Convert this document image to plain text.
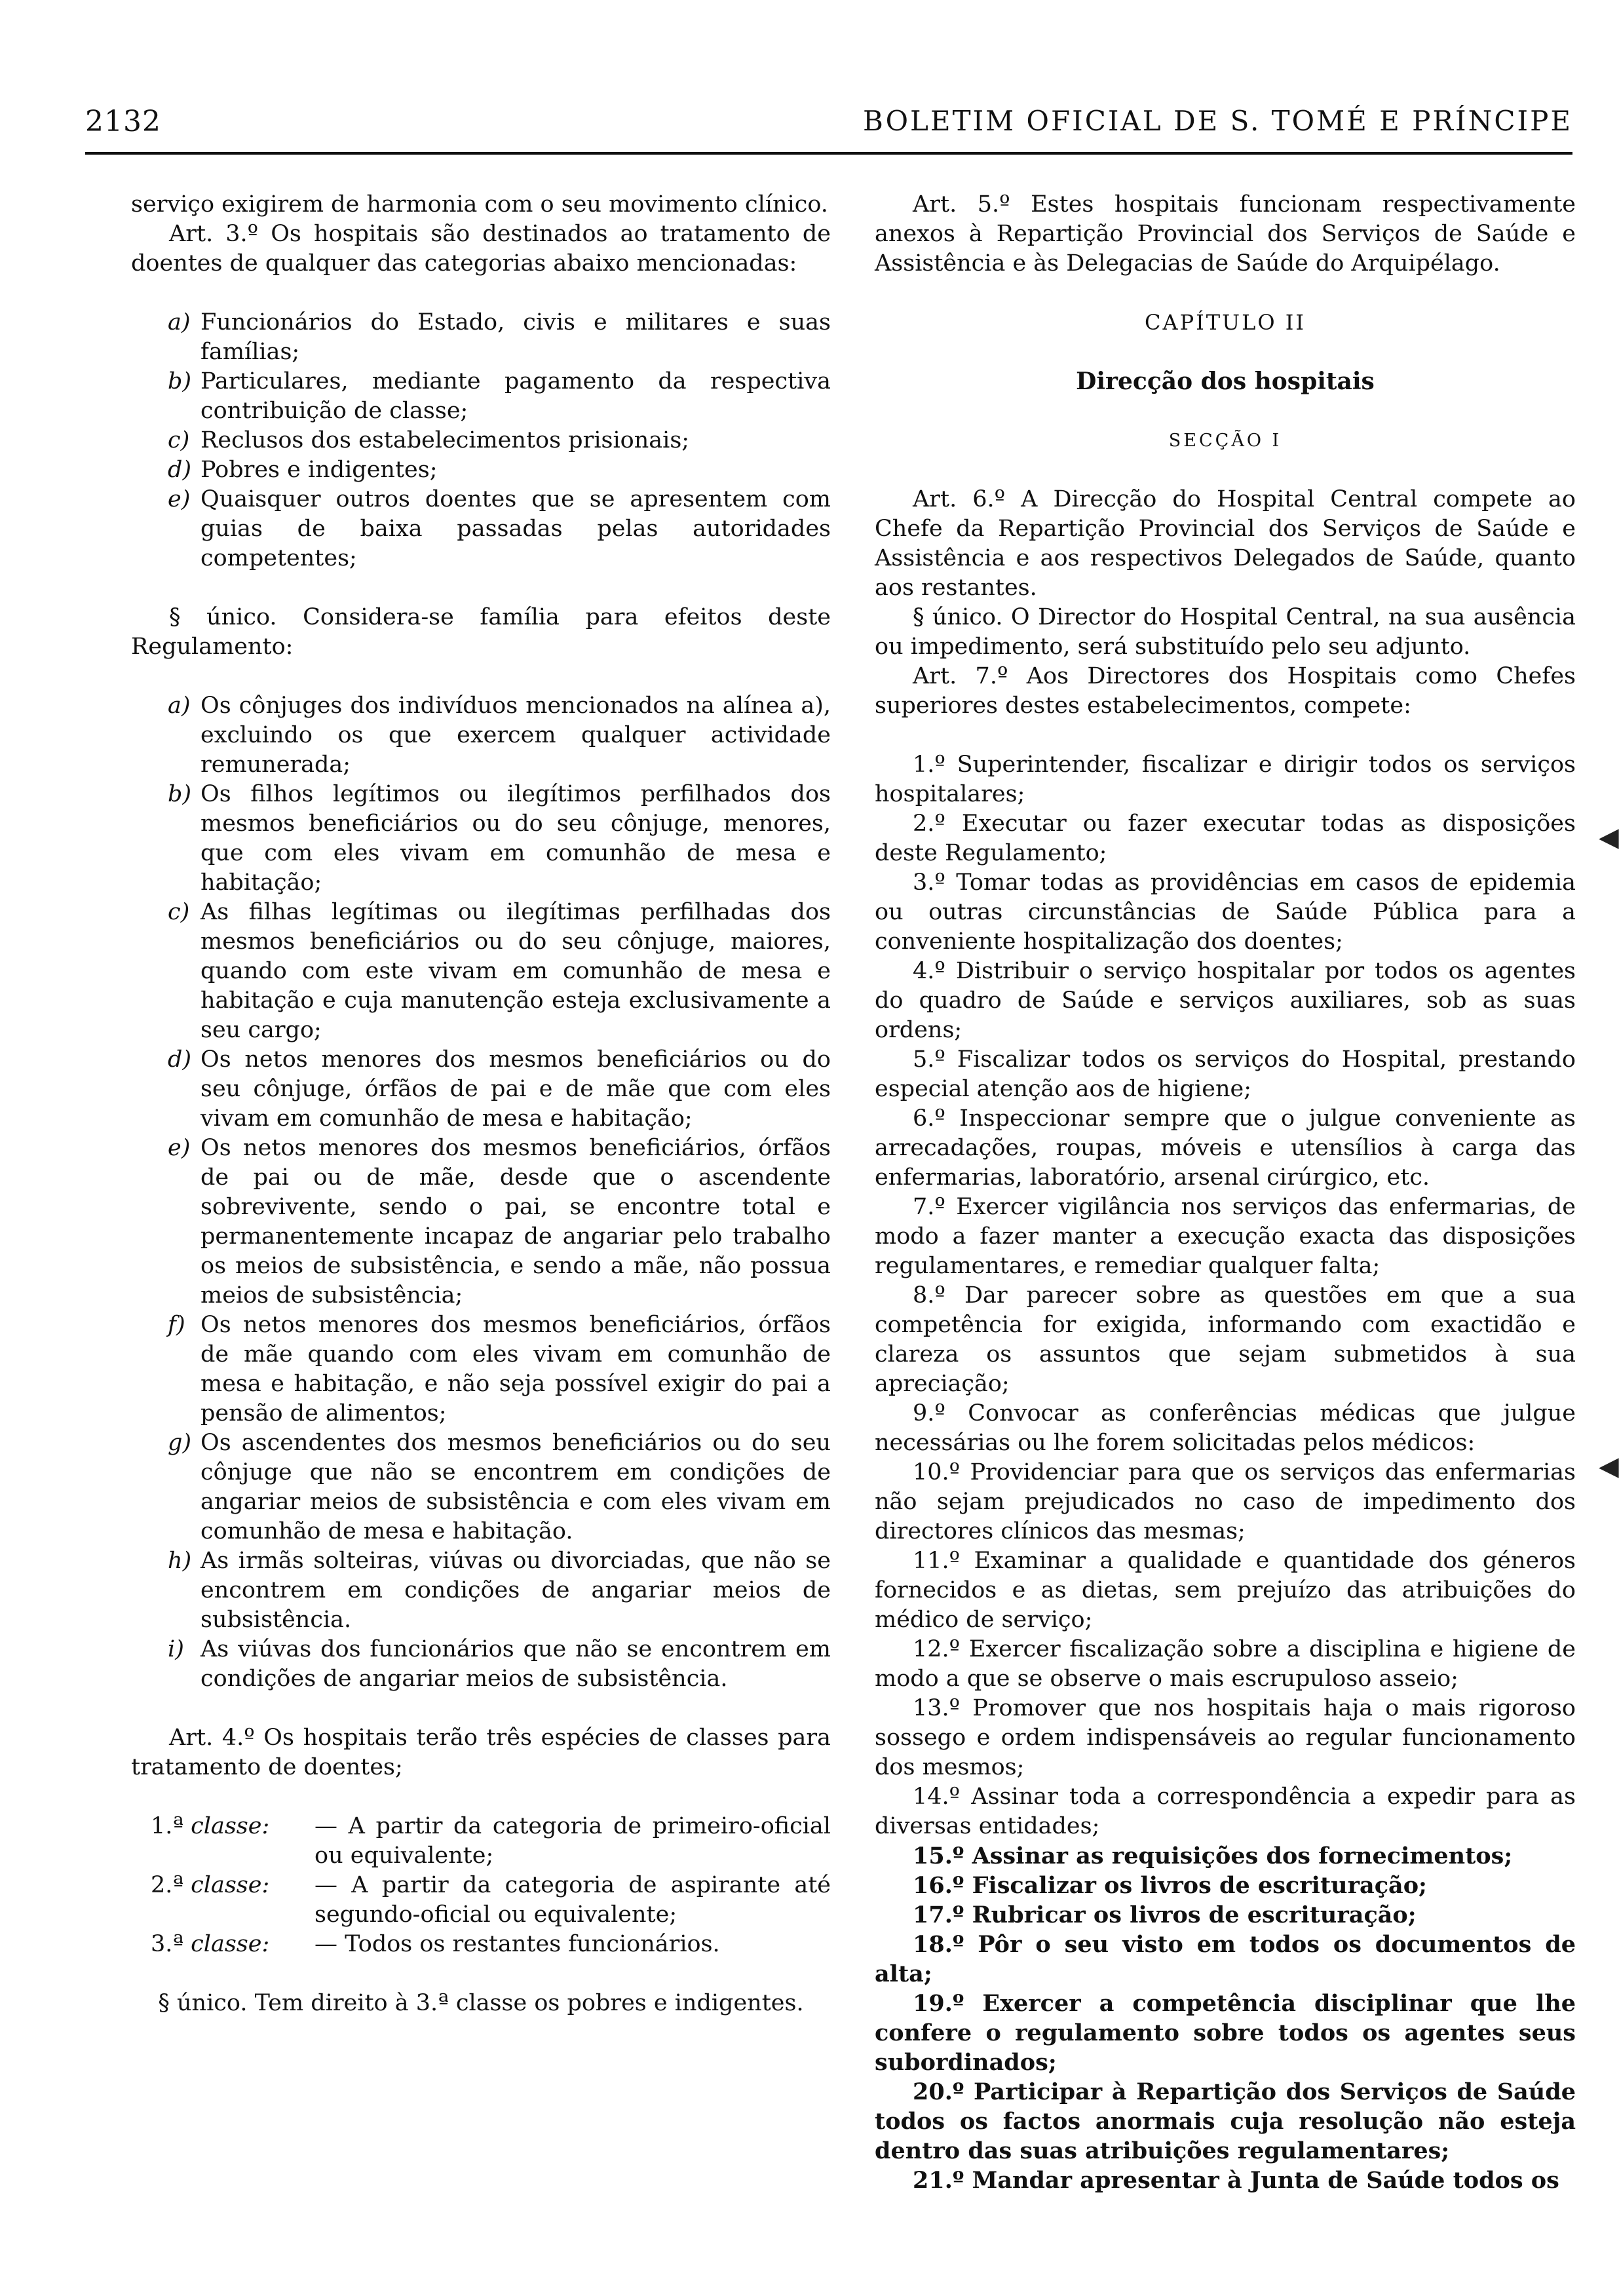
2132	BOLETIM OFICIAL DE S. TOMÉ E PRÍNCIPE
◀
◀

serviço exigirem de harmonia com o seu movimento clínico.

Art. 3.º Os hospitais são destinados ao tratamento de doentes de qualquer das categorias abaixo mencionadas:

a) Funcionários do Estado, civis e militares e suas famílias;
b) Particulares, mediante pagamento da respectiva contribuição de classe;
c) Reclusos dos estabelecimentos prisionais;
d) Pobres e indigentes;
e) Quaisquer outros doentes que se apresentem com guias de baixa passadas pelas autoridades competentes;

§ único. Considera-se família para efeitos deste Regulamento:

a) Os cônjuges dos indivíduos mencionados na alínea a), excluindo os que exercem qualquer actividade remunerada;
b) Os filhos legítimos ou ilegítimos perfilhados dos mesmos beneficiários ou do seu cônjuge, menores, que com eles vivam em comunhão de mesa e habitação;
c) As filhas legítimas ou ilegítimas perfilhadas dos mesmos beneficiários ou do seu cônjuge, maiores, quando com este vivam em comunhão de mesa e habitação e cuja manutenção esteja exclusivamente a seu cargo;
d) Os netos menores dos mesmos beneficiários ou do seu cônjuge, órfãos de pai e de mãe que com eles vivam em comunhão de mesa e habitação;
e) Os netos menores dos mesmos beneficiários, órfãos de pai ou de mãe, desde que o ascendente sobrevivente, sendo o pai, se encontre total e permanentemente incapaz de angariar pelo trabalho os meios de subsistência, e sendo a mãe, não possua meios de subsistência;
f) Os netos menores dos mesmos beneficiários, órfãos de mãe quando com eles vivam em comunhão de mesa e habitação, e não seja possível exigir do pai a pensão de alimentos;
g) Os ascendentes dos mesmos beneficiários ou do seu cônjuge que não se encontrem em condições de angariar meios de subsistência e com eles vivam em comunhão de mesa e habitação.
h) As irmãs solteiras, viúvas ou divorciadas, que não se encontrem em condições de angariar meios de subsistência.
i) As viúvas dos funcionários que não se encontrem em condições de angariar meios de subsistência.

Art. 4.º Os hospitais terão três espécies de classes para tratamento de doentes;

1.ª classe:	— A partir da categoria de primeiro-oficial ou equivalente;
2.ª classe:	— A partir da categoria de aspirante até segundo-oficial ou equivalente;
3.ª classe:	— Todos os restantes funcionários.

§ único. Tem direito à 3.ª classe os pobres e indigentes.

Art. 5.º Estes hospitais funcionam respectivamente anexos à Repartição Provincial dos Serviços de Saúde e Assistência e às Delegacias de Saúde do Arquipélago.

CAPÍTULO II

Direcção dos hospitais

SECÇÃO I

Art. 6.º A Direcção do Hospital Central compete ao Chefe da Repartição Provincial dos Serviços de Saúde e Assistência e aos respectivos Delegados de Saúde, quanto aos restantes.

§ único. O Director do Hospital Central, na sua ausência ou impedimento, será substituído pelo seu adjunto.

Art. 7.º Aos Directores dos Hospitais como Chefes superiores destes estabelecimentos, compete:

1.º Superintender, fiscalizar e dirigir todos os serviços hospitalares;

2.º Executar ou fazer executar todas as disposições deste Regulamento;

3.º Tomar todas as providências em casos de epidemia ou outras circunstâncias de Saúde Pública para a conveniente hospitalização dos doentes;

4.º Distribuir o serviço hospitalar por todos os agentes do quadro de Saúde e serviços auxiliares, sob as suas ordens;

5.º Fiscalizar todos os serviços do Hospital, prestando especial atenção aos de higiene;

6.º Inspeccionar sempre que o julgue conveniente as arrecadações, roupas, móveis e utensílios à carga das enfermarias, laboratório, arsenal cirúrgico, etc.

7.º Exercer vigilância nos serviços das enfermarias, de modo a fazer manter a execução exacta das disposições regulamentares, e remediar qualquer falta;

8.º Dar parecer sobre as questões em que a sua competência for exigida, informando com exactidão e clareza os assuntos que sejam submetidos à sua apreciação;

9.º Convocar as conferências médicas que julgue necessárias ou lhe forem solicitadas pelos médicos:

10.º Providenciar para que os serviços das enfermarias não sejam prejudicados no caso de impedimento dos directores clínicos das mesmas;

11.º Examinar a qualidade e quantidade dos géneros fornecidos e as dietas, sem prejuízo das atribuições do médico de serviço;

12.º Exercer fiscalização sobre a disciplina e higiene de modo a que se observe o mais escrupuloso asseio;

13.º Promover que nos hospitais haja o mais rigoroso sossego e ordem indispensáveis ao regular funcionamento dos mesmos;

14.º Assinar toda a correspondência a expedir para as diversas entidades;

15.º Assinar as requisições dos fornecimentos;

16.º Fiscalizar os livros de escrituração;

17.º Rubricar os livros de escrituração;

18.º Pôr o seu visto em todos os documentos de alta;

19.º Exercer a competência disciplinar que lhe confere o regulamento sobre todos os agentes seus subordinados;

20.º Participar à Repartição dos Serviços de Saúde todos os factos anormais cuja resolução não esteja dentro das suas atribuições regulamentares;

21.º Mandar apresentar à Junta de Saúde todos os
